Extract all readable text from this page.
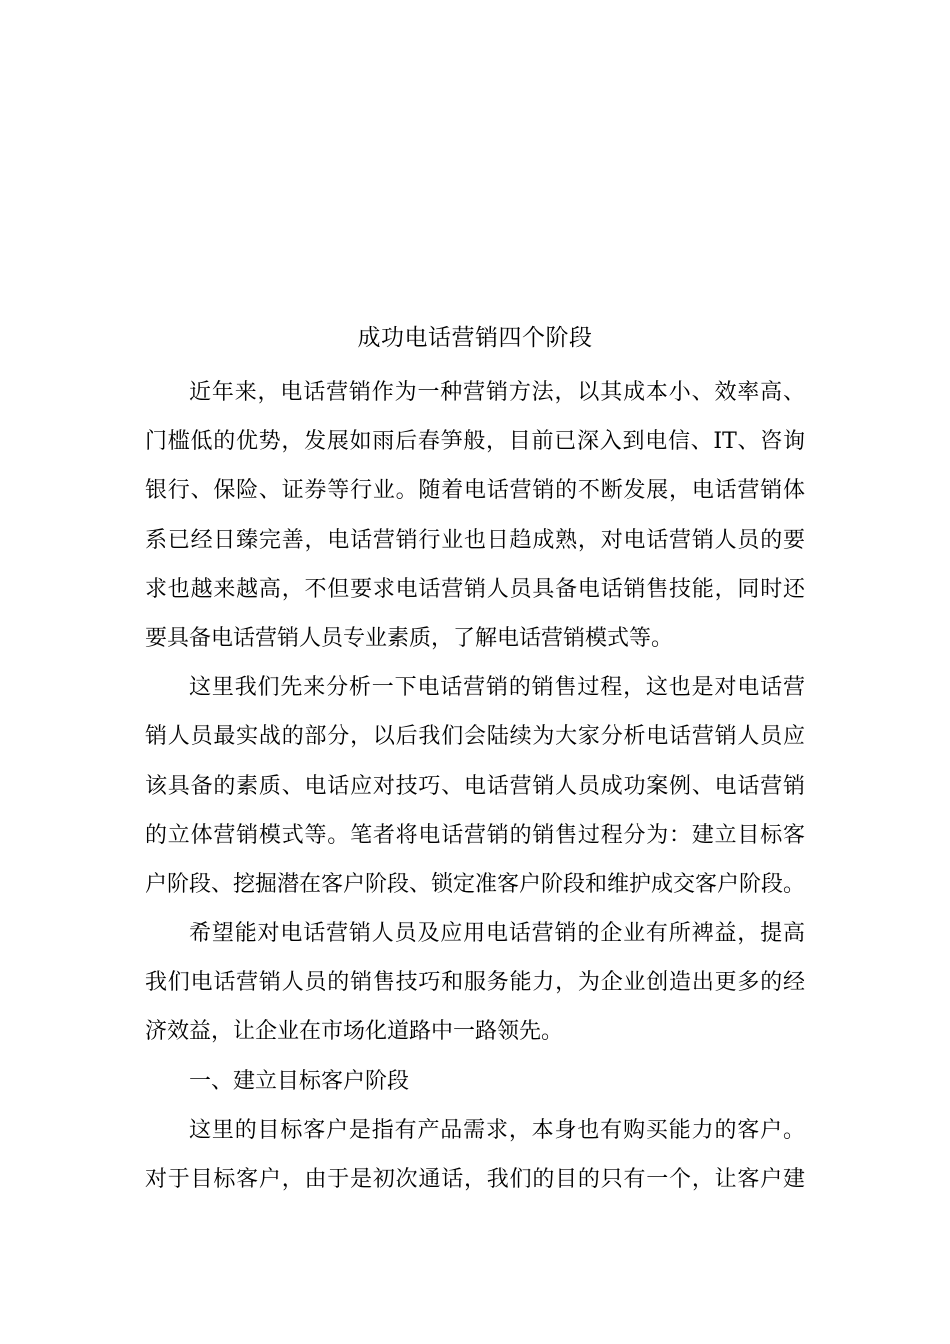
成功电话营销四个阶段
近年来，电话营销作为一种营销方法，以其成本小、效率高、
门槛低的优势，发展如雨后春笋般，目前已深入到电信、IT、咨询
银行、保险、证券等行业。随着电话营销的不断发展，电话营销体
系已经日臻完善，电话营销行业也日趋成熟，对电话营销人员的要
求也越来越高，不但要求电话营销人员具备电话销售技能，同时还
要具备电话营销人员专业素质，了解电话营销模式等。
这里我们先来分析一下电话营销的销售过程，这也是对电话营
销人员最实战的部分，以后我们会陆续为大家分析电话营销人员应
该具备的素质、电话应对技巧、电话营销人员成功案例、电话营销
的立体营销模式等。笔者将电话营销的销售过程分为：建立目标客
户阶段、挖掘潜在客户阶段、锁定准客户阶段和维护成交客户阶段。
希望能对电话营销人员及应用电话营销的企业有所裨益，提高
我们电话营销人员的销售技巧和服务能力，为企业创造出更多的经
济效益，让企业在市场化道路中一路领先。
一、建立目标客户阶段
这里的目标客户是指有产品需求，本身也有购买能力的客户。
对于目标客户，由于是初次通话，我们的目的只有一个，让客户建
